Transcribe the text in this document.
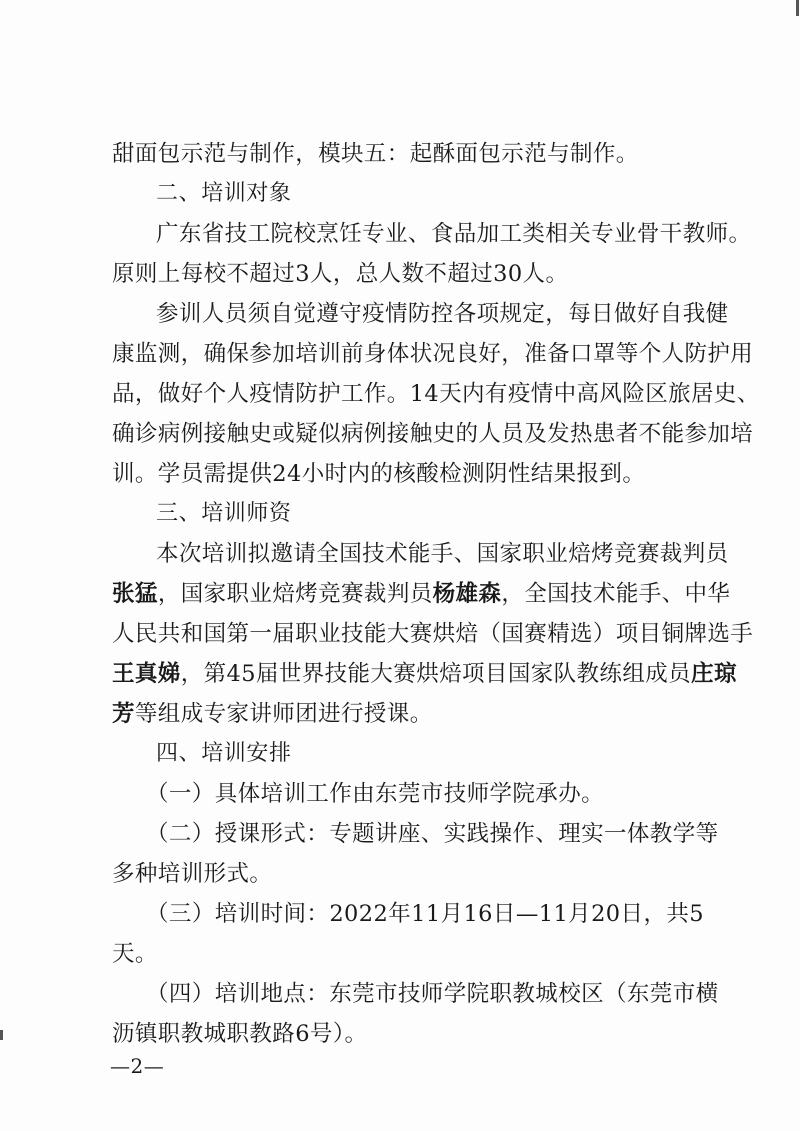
甜面包示范与制作，模块五：起酥面包示范与制作。
二、培训对象
广东省技工院校烹饪专业、食品加工类相关专业骨干教师。
原则上每校不超过3人，总人数不超过30人。
参训人员须自觉遵守疫情防控各项规定，每日做好自我健
康监测，确保参加培训前身体状况良好，准备口罩等个人防护用
品，做好个人疫情防护工作。14天内有疫情中高风险区旅居史、
确诊病例接触史或疑似病例接触史的人员及发热患者不能参加培
训。学员需提供24小时内的核酸检测阴性结果报到。
三、培训师资
本次培训拟邀请全国技术能手、国家职业焙烤竞赛裁判员
张猛，国家职业焙烤竞赛裁判员杨雄森，全国技术能手、中华
人民共和国第一届职业技能大赛烘焙（国赛精选）项目铜牌选手
王真娣，第45届世界技能大赛烘焙项目国家队教练组成员庄琼
芳等组成专家讲师团进行授课。
四、培训安排
（一）具体培训工作由东莞市技师学院承办。
（二）授课形式：专题讲座、实践操作、理实一体教学等
多种培训形式。
（三）培训时间：2022年11月16日—11月20日，共5
天。
（四）培训地点：东莞市技师学院职教城校区（东莞市横
沥镇职教城职教路6号）。
—2—
